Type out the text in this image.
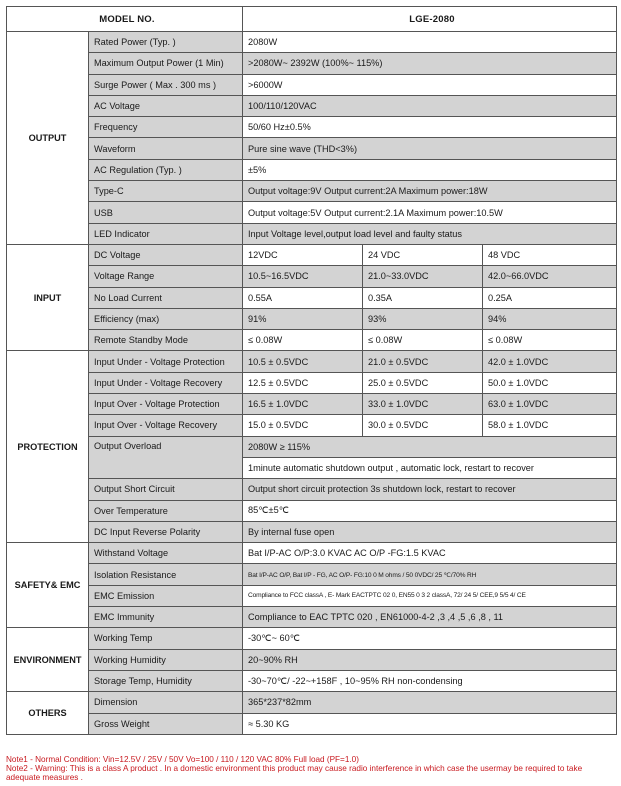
MODEL NO.		LGE-2080		
OUTPUT	Rated Power (Typ. )	2080W		
	Maximum Output Power (1 Min)	>2080W~ 2392W (100%~ 115%)		
	Surge Power ( Max . 300 ms )	>6000W		
	AC Voltage	100/110/120VAC		
	Frequency	50/60 Hz±0.5%		
	Waveform	Pure sine wave (THD<3%)		
	AC Regulation (Typ. )	±5%		
	Type-C	Output voltage:9V Output current:2A Maximum power:18W		
	USB	Output voltage:5V Output current:2.1A Maximum power:10.5W		
	LED Indicator	Input Voltage level,output load level and faulty status		
INPUT	DC Voltage	12VDC	24 VDC	48 VDC
	Voltage Range	10.5~16.5VDC	21.0~33.0VDC	42.0~66.0VDC
	No Load Current	0.55A	0.35A	0.25A
	Efficiency (max)	91%	93%	94%
	Remote Standby Mode	≤ 0.08W	≤ 0.08W	≤ 0.08W
PROTECTION	Input Under - Voltage Protection	10.5 ± 0.5VDC	21.0 ± 0.5VDC	42.0 ± 1.0VDC
	Input Under - Voltage Recovery	12.5 ± 0.5VDC	25.0 ± 0.5VDC	50.0 ± 1.0VDC
	Input Over - Voltage Protection	16.5 ± 1.0VDC	33.0 ± 1.0VDC	63.0 ± 1.0VDC
	Input Over - Voltage Recovery	15.0 ± 0.5VDC	30.0 ± 0.5VDC	58.0 ± 1.0VDC
	Output Overload	2080W ≥ 115%		
		1minute automatic shutdown output , automatic lock, restart to recover		
	Output Short Circuit	Output short circuit protection 3s shutdown lock, restart to recover		
	Over Temperature	85℃±5℃		
	DC Input Reverse Polarity	By internal fuse open		
SAFETY& EMC	Withstand Voltage	Bat I/P-AC O/P:3.0 KVAC AC O/P -FG:1.5 KVAC		
	Isolation Resistance	Bat I/P-AC O/P, Bat I/P - FG, AC O/P- FG:10 0 M ohms / 50 0VDC/ 25 ℃/70% RH		
	EMC Emission	Compliance to FCC classA , E- Mark EACTPTC 02 0, EN55 0 3 2 classA, 72/ 24 5/ CEE,9 5/5 4/ CE		
	EMC Immunity	Compliance to EAC TPTC 020 , EN61000-4-2 ,3 ,4 ,5 ,6 ,8 , 11		
ENVIRONMENT	Working Temp	-30℃~ 60℃		
	Working Humidity	20~90% RH		
	Storage Temp, Humidity	-30~70℃/ -22~+158F , 10~95% RH non-condensing		
OTHERS	Dimension	365*237*82mm		
	Gross Weight	≈ 5.30 KG		
Note1 - Normal Condition: Vin=12.5V / 25V / 50V Vo=100 / 110 / 120 VAC 80% Full load (PF=1.0)
Note2 - Warning: This is a class A product . In a domestic environment this product may cause radio interference in which case the usermay be required to take adequate measures .
